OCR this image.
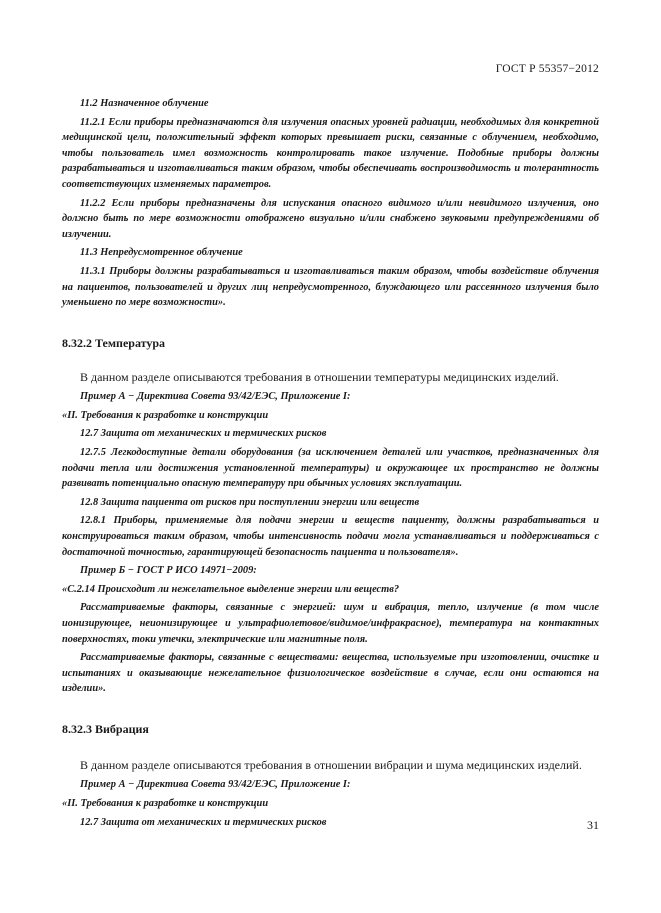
ГОСТ Р 55357−2012

11.2 Назначенное облучение

11.2.1 Если приборы предназначаются для излучения опасных уровней радиации, необходимых для конкретной медицинской цели, положительный эффект которых превышает риски, связанные с облучением, необходимо, чтобы пользователь имел возможность контролировать такое излучение. Подобные приборы должны разрабатываться и изготавливаться таким образом, чтобы обеспечивать воспроизводимость и толерантность соответствующих изменяемых параметров.

11.2.2 Если приборы предназначены для испускания опасного видимого и/или невидимого излучения, оно должно быть по мере возможности отображено визуально и/или снабжено звуковыми предупреждениями об излучении.

11.3 Непредусмотренное облучение

11.3.1 Приборы должны разрабатываться и изготавливаться таким образом, чтобы воздействие облучения на пациентов, пользователей и других лиц непредусмотренного, блуждающего или рассеянного излучения было уменьшено по мере возможности».

8.32.2 Температура

В данном разделе описываются требования в отношении температуры медицинских изделий.

Пример А − Директива Совета 93/42/ЕЭС, Приложение I:

«II. Требования к разработке и конструкции

12.7 Защита от механических и термических рисков

12.7.5 Легкодоступные детали оборудования (за исключением деталей или участков, предназначенных для подачи тепла или достижения установленной температуры) и окружающее их пространство не должны развивать потенциально опасную температуру при обычных условиях эксплуатации.

12.8 Защита пациента от рисков при поступлении энергии или веществ

12.8.1 Приборы, применяемые для подачи энергии и веществ пациенту, должны разрабатываться и конструироваться таким образом, чтобы интенсивность подачи могла устанавливаться и поддерживаться с достаточной точностью, гарантирующей безопасность пациента и пользователя».

Пример Б − ГОСТ Р ИСО 14971−2009:

«С.2.14 Происходит ли нежелательное выделение энергии или веществ?

Рассматриваемые факторы, связанные с энергией: шум и вибрация, тепло, излучение (в том числе ионизирующее, неионизирующее и ультрафиолетовое/видимое/инфракрасное), температура на контактных поверхностях, токи утечки, электрические или магнитные поля.

Рассматриваемые факторы, связанные с веществами: вещества, используемые при изготовлении, очистке и испытаниях и оказывающие нежелательное физиологическое воздействие в случае, если они остаются на изделии».

8.32.3 Вибрация

В данном разделе описываются требования в отношении вибрации и шума медицинских изделий.

Пример А − Директива Совета 93/42/ЕЭС, Приложение I:

«II. Требования к разработке и конструкции

12.7 Защита от механических и термических рисков	31
